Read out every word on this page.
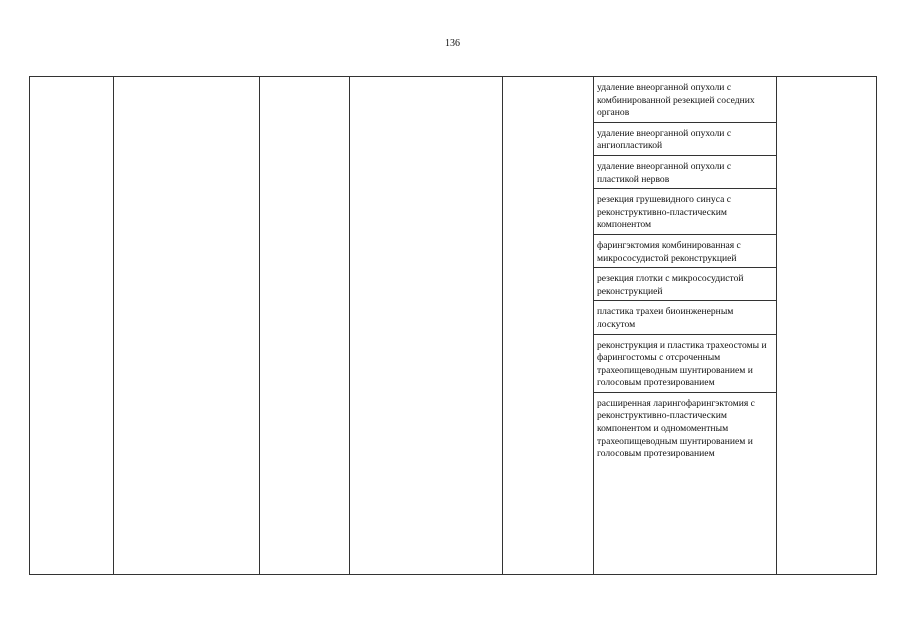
136

удаление внеорганной опухоли с комбинированной резекцией соседних органов
удаление внеорганной опухоли с ангиопластикой
удаление внеорганной опухоли с пластикой нервов
резекция грушевидного синуса с реконструктивно-пластическим компонентом
фарингэктомия комбинированная с микрососудистой реконструкцией
резекция глотки с микрососудистой реконструкцией
пластика трахеи биоинженерным лоскутом
реконструкция и пластика трахеостомы и фарингостомы с отсроченным трахеопищеводным шунтированием и голосовым протезированием
расширенная ларингофарингэктомия с реконструктивно-пластическим компонентом и одномоментным трахеопищеводным шунтированием и голосовым протезированием
